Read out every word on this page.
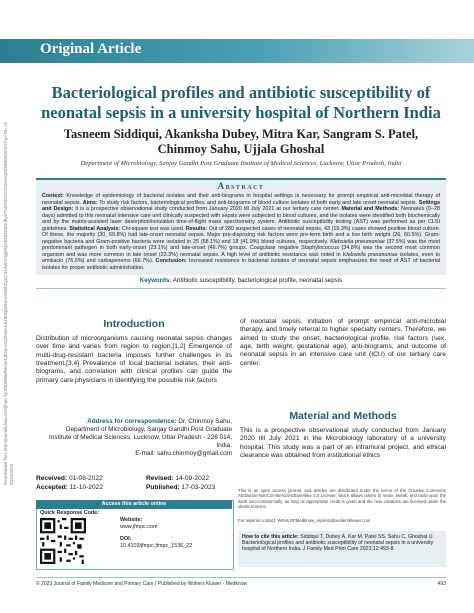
Downloaded from http://journals.lww.com/jfmpc by BhDMf5ePHKav1zEoum1tQfN4a+kJLhEZgbsIHo4XMi0hCywCX1AWnYQp/IlQrHD3i3D0OdRyi7TvSFl4Cf3VC4/OAVpDDa8KKGKV0Ymy+78= on 03/23/2023
Original Article
Bacteriological profiles and antibiotic susceptibility of neonatal sepsis in a university hospital of Northern India
Tasneem Siddiqui, Akanksha Dubey, Mitra Kar, Sangram S. Patel,
Chinmoy Sahu, Ujjala Ghoshal
Department of Microbiology, Sanjay Gandhi Post Graduate Institute of Medical Sciences, Lucknow, Uttar Pradesh, India
Abstract
Context: Knowledge of epidemiology of bacterial isolates and their anti-biograms in hospital settings is necessary for prompt empirical anti-microbial therapy of neonatal sepsis. Aims: To study risk factors, bacteriological profiles, and anti-biograms of blood culture isolates of both early and late onset neonatal sepsis. Settings and Design: It is a prospective observational study conducted from January 2020 till July 2021 at our tertiary care center. Material and Methods: Neonates (0–28 days) admitted to this neonatal intensive care unit clinically suspected with sepsis were subjected to blood cultures, and the isolates were identified both biochemically and by the matrix-assisted laser desorption/ionization time-of-flight mass spectrometry system. Antibiotic susceptibility testing (AST) was performed as per CLSI guidelines. Statistical Analysis: Chi-square test was used. Results: Out of 280 suspected cases of neonatal sepsis, 43 (15.3%) cases showed positive blood culture. Of these, the majority (30, 69.8%) had late-onset neonatal sepsis. Major pre-disposing risk factors were pre-term birth and a low birth weight (26, 60.5%). Gram-negative bacteria and Gram-positive bacteria were isolated in 25 (58.1%) and 18 (41.9%) blood cultures, respectively. Klebsiella pneumoniae (37.5%) was the most predominant pathogen in both early-onset (23.1%) and late-onset (46.7%) groups. Coagulase negative Staphylococcus (34.8%) was the second most common organism and was more common in late onset (23.3%) neonatal sepsis. A high level of antibiotic resistance was noted in Klebsiella pneumoniae isolates, even to amikacin (76.5%) and carbapenems (66.7%). Conclusion: Increased resistance in bacterial isolates of neonatal sepsis emphasizes the need of AST of bacterial isolates for proper antibiotic administration.
Keywords: Antibiotic susceptibility, bacteriological profile, neonatal sepsis
Introduction
Distribution of microorganisms causing neonatal sepsis changes over time and varies from region to region.[1,2] Emergence of multi-drug-resistant bacteria imposes further challenges in its treatment.[3,4] Prevalence of local bacterial isolates, their anti-biograms, and correlation with clinical profiles can guide the primary care physicians in identifying the possible risk factors
Address for correspondence: Dr. Chinmoy Sahu,
Department of Microbiology, Sanjay Gandhi Post Graduate
Institute of Medical Sciences, Lucknow, Uttar Pradesh - 226 014,
India.
E-mail: sahu.chinmoy@gmail.com
Received: 01-08-2022	Revised: 14-09-2022
Accepted: 11-10-2022	Published: 17-03-2023
Access this article online
Quick Response Code:
Website:
www.jfmpc.com
DOI:
10.4103/jfmpc.jfmpc_1536_22
of neonatal sepsis, initiation of prompt empirical anti-microbial therapy, and timely referral to higher specialty centers. Therefore, we aimed to study the onset, bacteriological profile, risk factors (sex, age, birth weight, gestational age), anti-biograms, and outcome of neonatal sepsis in an intensive care unit (ICU) of our tertiary care center.
Material and Methods
This is a prospective observational study conducted from January 2020 till July 2021 in the Microbiology laboratory of a university hospital. This study was a part of an intramural project, and ethical clearance was obtained from institutional ethics
This is an open access journal, and articles are distributed under the terms of the Creative Commons Attribution-NonCommercial-ShareAlike 4.0 License, which allows others to remix, tweak, and build upon the work non-commercially, as long as appropriate credit is given and the new creations are licensed under the identical terms.
For reprints contact: WKHLRPMedknow_reprints@wolterskluwer.com
How to cite this article: Siddiqui T, Dubey A, Kar M, Patel SS, Sahu C, Ghoshal U. Bacteriological profiles and antibiotic susceptibility of neonatal sepsis in a university hospital of Northern India. J Family Med Prim Care 2023;12:493-8.
© 2023 Journal of Family Medicine and Primary Care | Published by Wolters Kluwer - Medknow	493
